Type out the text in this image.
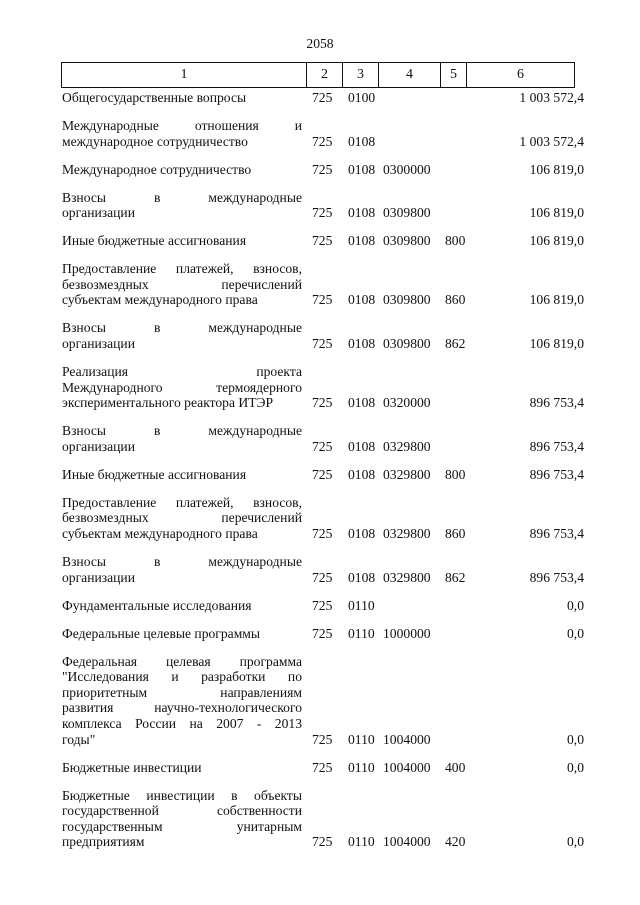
2058
1	2	3	4	5	6
Общегосударственные вопросы	725 0100	1 003 572,4
Международные отношения и
международное сотрудничество	725 0108	1 003 572,4
Международное сотрудничество	725 0108 0300000	106 819,0
Взносы в международные
организации	725 0108 0309800	106 819,0
Иные бюджетные ассигнования	725 0108 0309800 800	106 819,0
Предоставление платежей, взносов,
безвозмездных перечислений
субъектам международного права	725 0108 0309800 860	106 819,0
Взносы в международные
организации	725 0108 0309800 862	106 819,0
Реализация проекта
Международного термоядерного
экспериментального реактора ИТЭР	725 0108 0320000	896 753,4
Взносы в международные
организации	725 0108 0329800	896 753,4
Иные бюджетные ассигнования	725 0108 0329800 800	896 753,4
Предоставление платежей, взносов,
безвозмездных перечислений
субъектам международного права	725 0108 0329800 860	896 753,4
Взносы в международные
организации	725 0108 0329800 862	896 753,4
Фундаментальные исследования	725 0110	0,0
Федеральные целевые программы	725 0110 1000000	0,0
Федеральная целевая программа
"Исследования и разработки по
приоритетным направлениям
развития научно-технологического
комплекса России на 2007 - 2013
годы"	725 0110 1004000	0,0
Бюджетные инвестиции	725 0110 1004000 400	0,0
Бюджетные инвестиции в объекты
государственной собственности
государственным унитарным
предприятиям	725 0110 1004000 420	0,0
